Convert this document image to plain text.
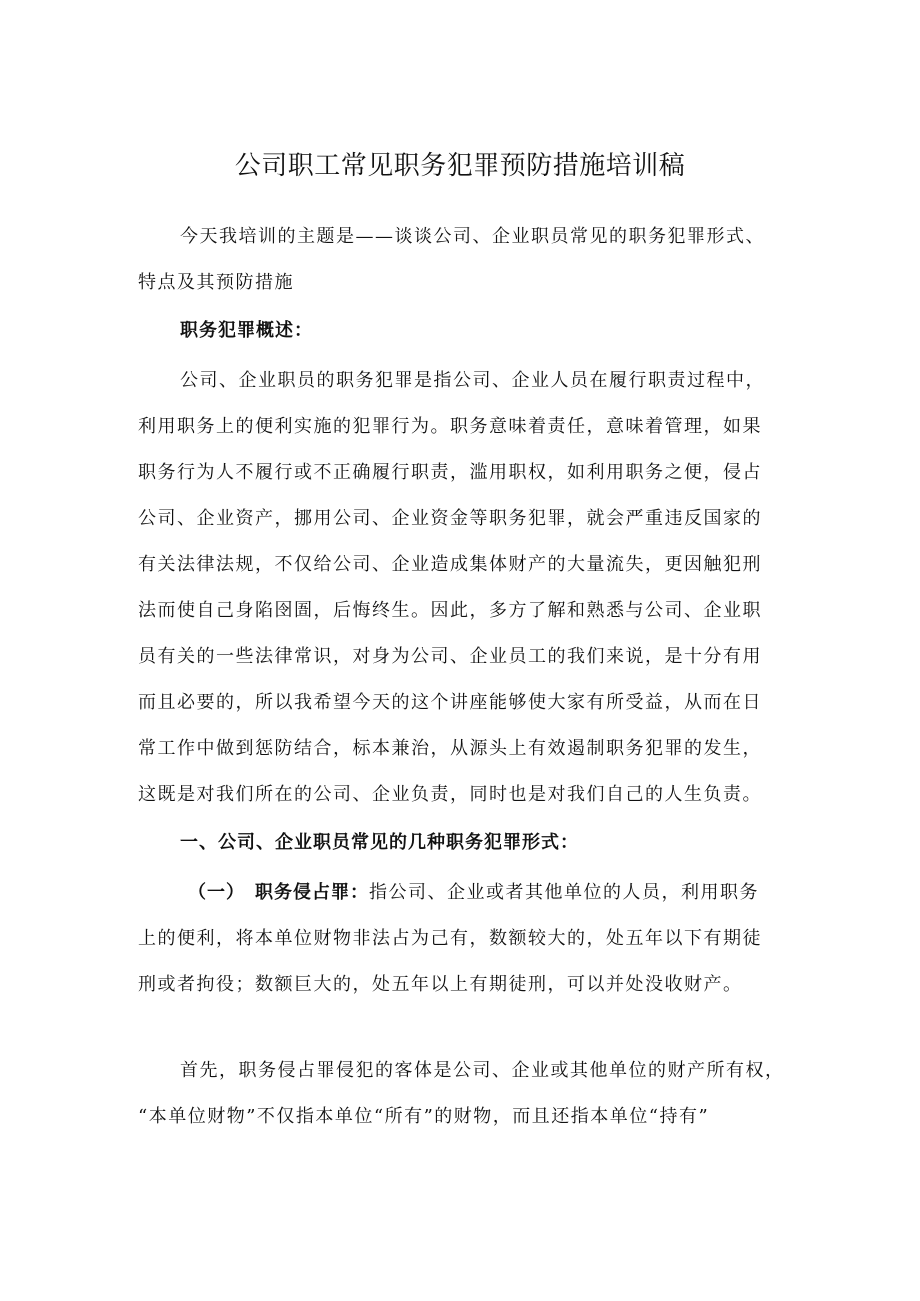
公司职工常见职务犯罪预防措施培训稿

今天我培训的主题是——谈谈公司、企业职员常见的职务犯罪形式、

特点及其预防措施

职务犯罪概述：

公司、企业职员的职务犯罪是指公司、企业人员在履行职责过程中，

利用职务上的便利实施的犯罪行为。职务意味着责任，意味着管理，如果

职务行为人不履行或不正确履行职责，滥用职权，如利用职务之便，侵占

公司、企业资产，挪用公司、企业资金等职务犯罪，就会严重违反国家的

有关法律法规，不仅给公司、企业造成集体财产的大量流失，更因触犯刑

法而使自己身陷囹圄，后悔终生。因此，多方了解和熟悉与公司、企业职

员有关的一些法律常识，对身为公司、企业员工的我们来说，是十分有用

而且必要的，所以我希望今天的这个讲座能够使大家有所受益，从而在日

常工作中做到惩防结合，标本兼治，从源头上有效遏制职务犯罪的发生，

这既是对我们所在的公司、企业负责，同时也是对我们自己的人生负责。

一、公司、企业职员常见的几种职务犯罪形式：

（一）　职务侵占罪：指公司、企业或者其他单位的人员，利用职务

上的便利，将本单位财物非法占为己有，数额较大的，处五年以下有期徒

刑或者拘役；数额巨大的，处五年以上有期徒刑，可以并处没收财产。

首先，职务侵占罪侵犯的客体是公司、企业或其他单位的财产所有权，

“本单位财物”不仅指本单位“所有”的财物，而且还指本单位“持有”
